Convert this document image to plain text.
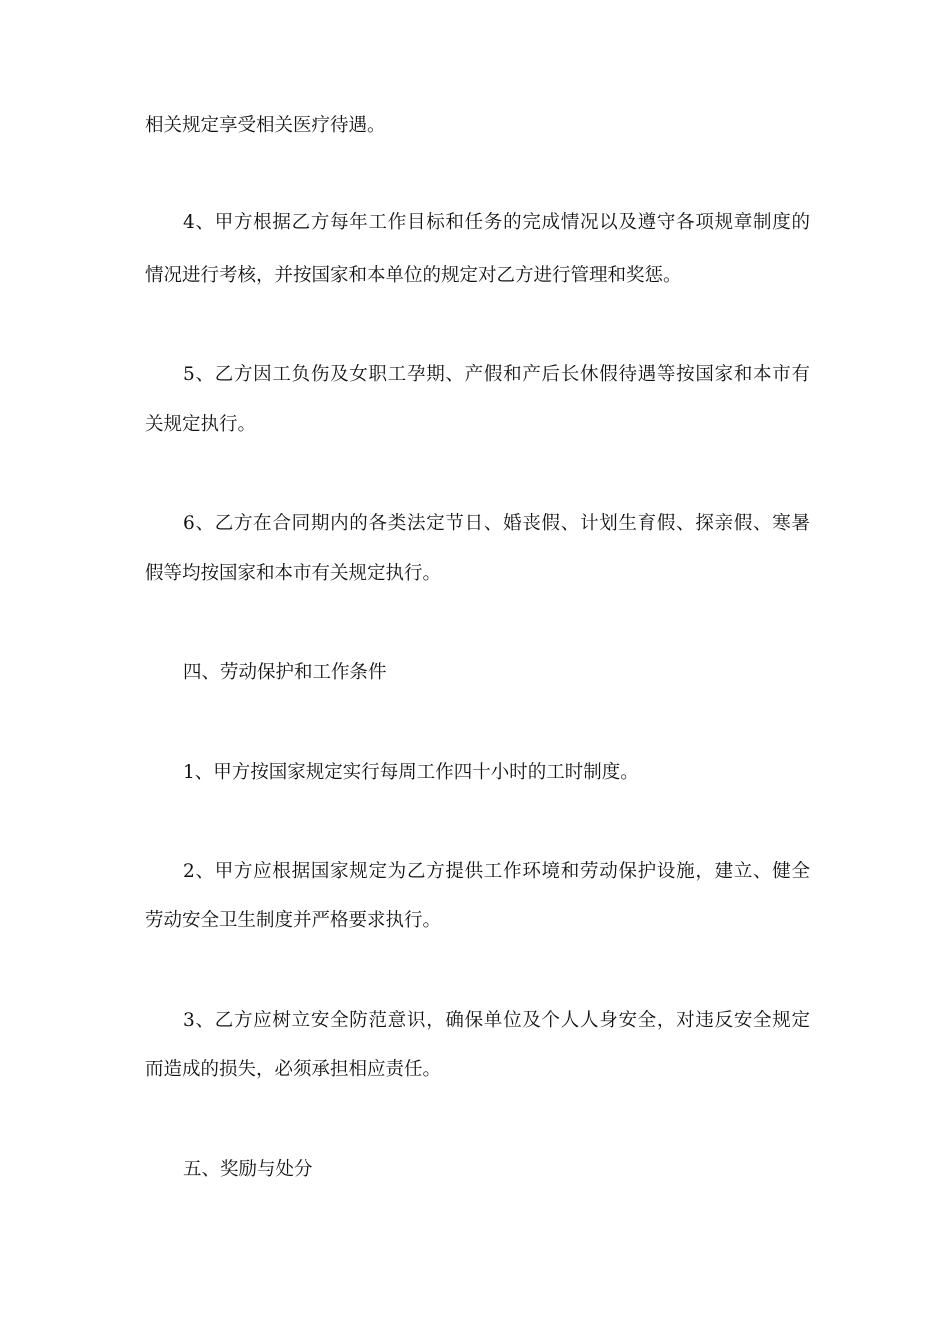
相关规定享受相关医疗待遇。
4、甲方根据乙方每年工作目标和任务的完成情况以及遵守各项规章制度的
情况进行考核，并按国家和本单位的规定对乙方进行管理和奖惩。
5、乙方因工负伤及女职工孕期、产假和产后长休假待遇等按国家和本市有
关规定执行。
6、乙方在合同期内的各类法定节日、婚丧假、计划生育假、探亲假、寒暑
假等均按国家和本市有关规定执行。
四、劳动保护和工作条件
1、甲方按国家规定实行每周工作四十小时的工时制度。
2、甲方应根据国家规定为乙方提供工作环境和劳动保护设施，建立、健全
劳动安全卫生制度并严格要求执行。
3、乙方应树立安全防范意识，确保单位及个人人身安全，对违反安全规定
而造成的损失，必须承担相应责任。
五、奖励与处分
